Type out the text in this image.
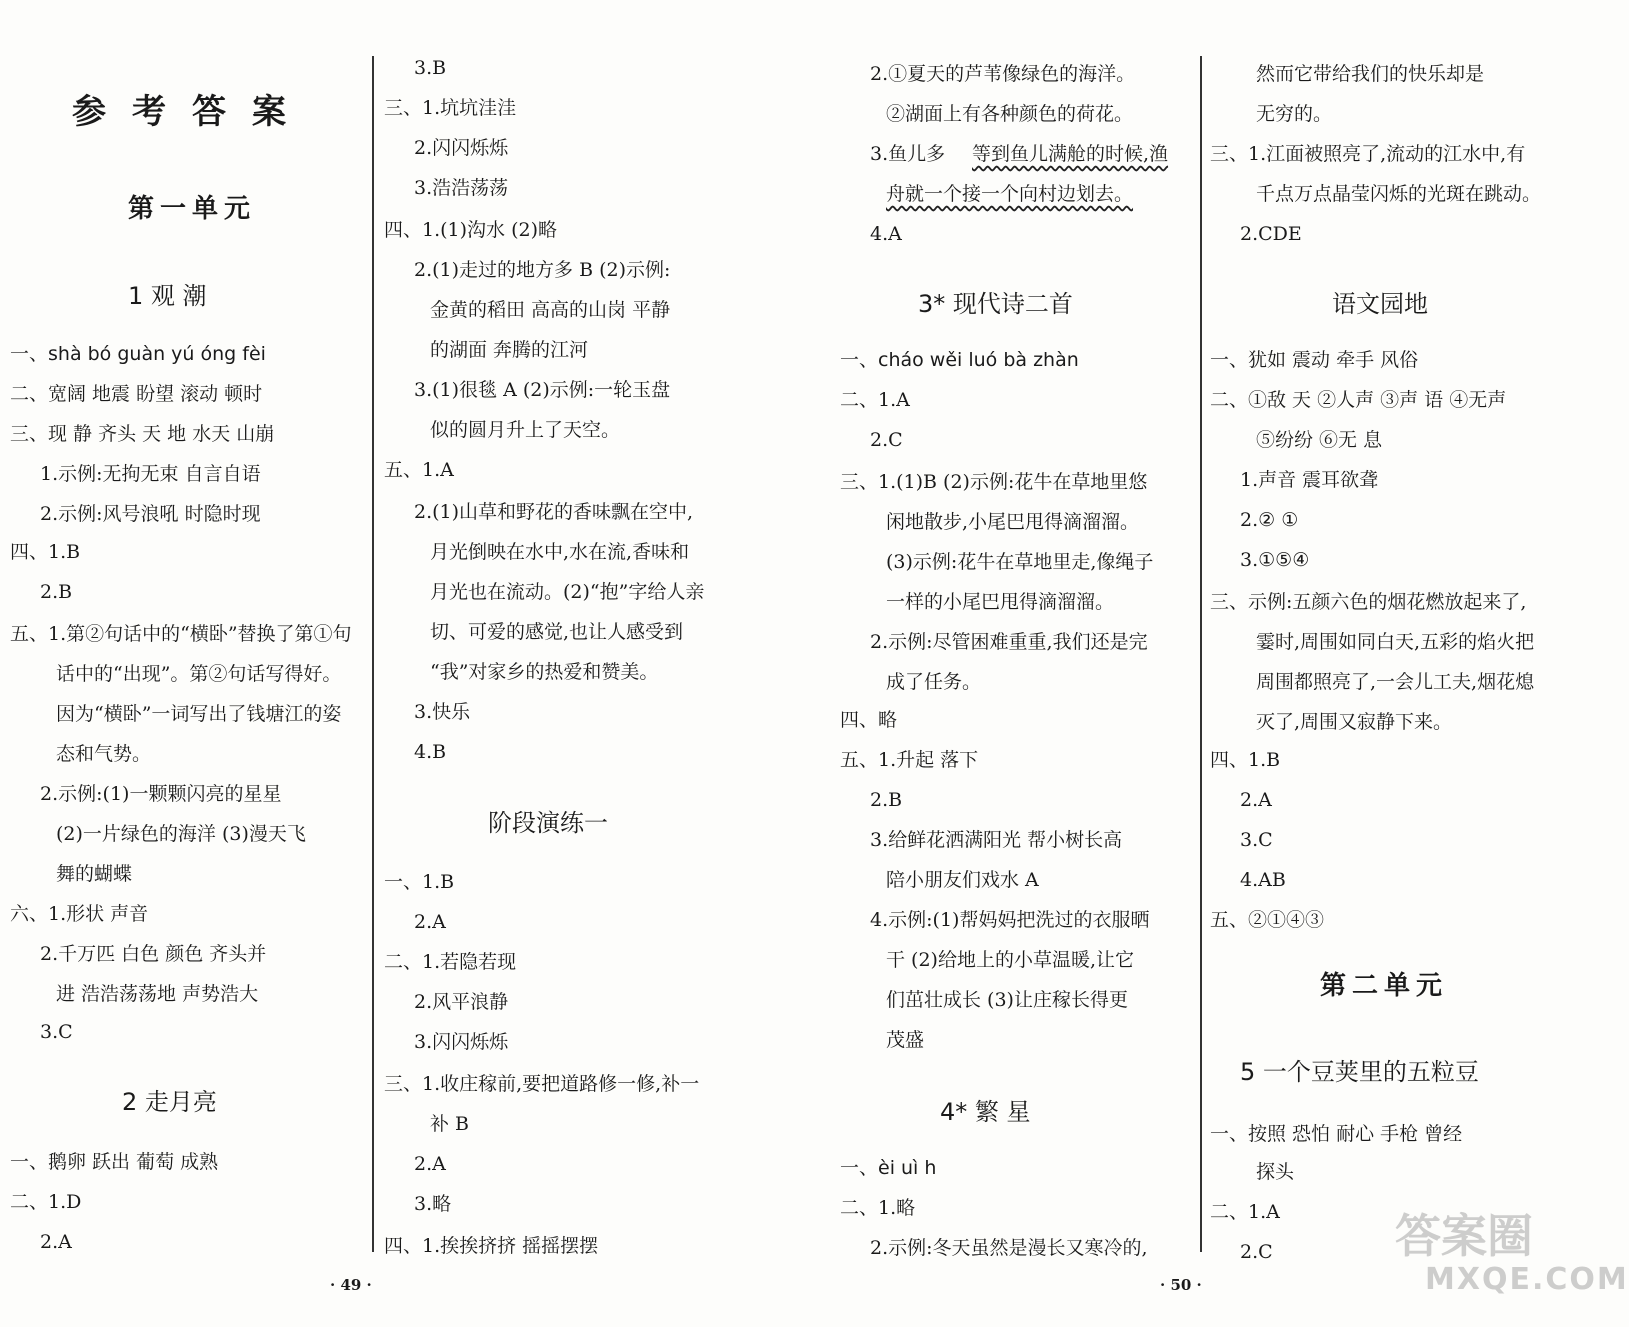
参考答案
第一单元
1 观 潮
一、shà bó guàn yú óng fèi
二、宽阔 地震 盼望 滚动 顿时
三、现 静 齐头 天 地 水天 山崩
1.示例:无拘无束 自言自语
2.示例:风号浪吼 时隐时现
四、1.B
2.B
五、1.第②句话中的“横卧”替换了第①句
话中的“出现”。第②句话写得好。
因为“横卧”一词写出了钱塘江的姿
态和气势。
2.示例:(1)一颗颗闪亮的星星
(2)一片绿色的海洋 (3)漫天飞
舞的蝴蝶
六、1.形状 声音
2.千万匹 白色 颜色 齐头并
进 浩浩荡荡地 声势浩大
3.C
2 走月亮
一、鹅卵 跃出 葡萄 成熟
二、1.D
2.A
3.B
三、1.坑坑洼洼
2.闪闪烁烁
3.浩浩荡荡
四、1.(1)沟水 (2)略
2.(1)走过的地方多 B (2)示例:
金黄的稻田 高高的山岗 平静
的湖面 奔腾的江河
3.(1)很毯 A (2)示例:一轮玉盘
似的圆月升上了天空。
五、1.A
2.(1)山草和野花的香味飘在空中,
月光倒映在水中,水在流,香味和
月光也在流动。(2)“抱”字给人亲
切、可爱的感觉,也让人感受到
“我”对家乡的热爱和赞美。
3.快乐
4.B
阶段演练一
一、1.B
2.A
二、1.若隐若现
2.风平浪静
3.闪闪烁烁
三、1.收庄稼前,要把道路修一修,补一
补 B
2.A
3.略
四、1.挨挨挤挤 摇摇摆摆
· 49 ·
2.①夏天的芦苇像绿色的海洋。
②湖面上有各种颜色的荷花。
3.鱼儿多 等到鱼儿满舱的时候,渔
舟就一个接一个向村边划去。
4.A
3* 现代诗二首
一、cháo wěi luó bà zhàn
二、1.A
2.C
三、1.(1)B (2)示例:花牛在草地里悠
闲地散步,小尾巴甩得滴溜溜。
(3)示例:花牛在草地里走,像绳子
一样的小尾巴甩得滴溜溜。
2.示例:尽管困难重重,我们还是完
成了任务。
四、略
五、1.升起 落下
2.B
3.给鲜花洒满阳光 帮小树长高
陪小朋友们戏水 A
4.示例:(1)帮妈妈把洗过的衣服晒
干 (2)给地上的小草温暖,让它
们茁壮成长 (3)让庄稼长得更
茂盛
4* 繁 星
一、èi uì h
二、1.略
2.示例:冬天虽然是漫长又寒冷的,
然而它带给我们的快乐却是
无穷的。
三、1.江面被照亮了,流动的江水中,有
千点万点晶莹闪烁的光斑在跳动。
2.CDE
语文园地
一、犹如 震动 牵手 风俗
二、①敌 天 ②人声 ③声 语 ④无声
⑤纷纷 ⑥无 息
1.声音 震耳欲聋
2.② ①
3.①⑤④
三、示例:五颜六色的烟花燃放起来了,
霎时,周围如同白天,五彩的焰火把
周围都照亮了,一会儿工夫,烟花熄
灭了,周围又寂静下来。
四、1.B
2.A
3.C
4.AB
五、②①④③
第二单元
5 一个豆荚里的五粒豆
一、按照 恐怕 耐心 手枪 曾经
探头
二、1.A
2.C
· 50 ·
答案圈
MXQE.COM
